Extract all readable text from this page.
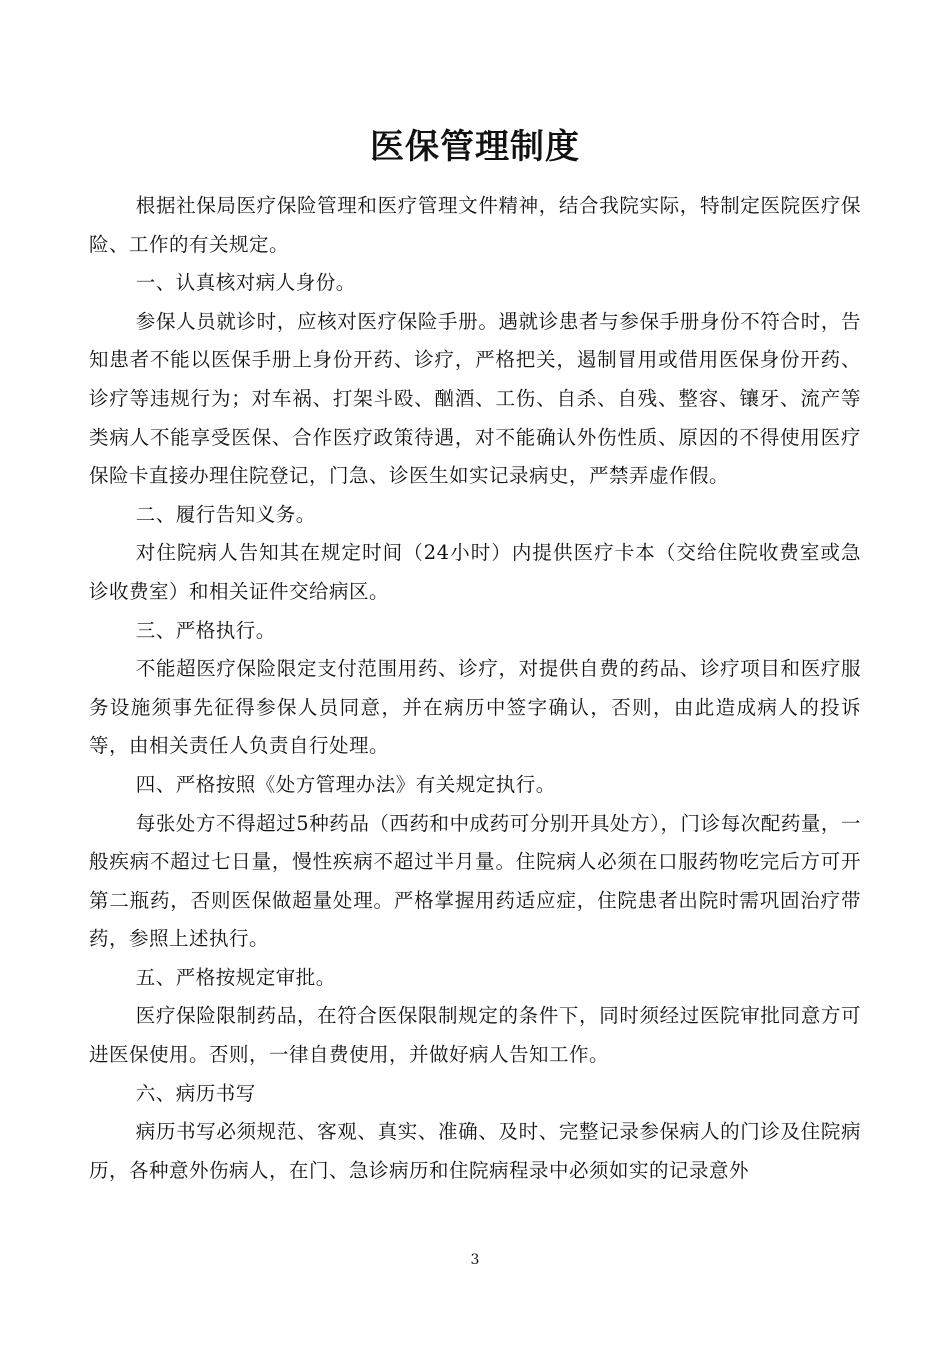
医保管理制度

根据社保局医疗保险管理和医疗管理文件精神，结合我院实际，特制定医院医疗保险、工作的有关规定。

一、认真核对病人身份。

参保人员就诊时，应核对医疗保险手册。遇就诊患者与参保手册身份不符合时，告知患者不能以医保手册上身份开药、诊疗，严格把关，遏制冒用或借用医保身份开药、诊疗等违规行为；对车祸、打架斗殴、酗酒、工伤、自杀、自残、整容、镶牙、流产等类病人不能享受医保、合作医疗政策待遇，对不能确认外伤性质、原因的不得使用医疗保险卡直接办理住院登记，门急、诊医生如实记录病史，严禁弄虚作假。

二、履行告知义务。

对住院病人告知其在规定时间（24小时）内提供医疗卡本（交给住院收费室或急诊收费室）和相关证件交给病区。

三、严格执行。

不能超医疗保险限定支付范围用药、诊疗，对提供自费的药品、诊疗项目和医疗服务设施须事先征得参保人员同意，并在病历中签字确认，否则，由此造成病人的投诉等，由相关责任人负责自行处理。

四、严格按照《处方管理办法》有关规定执行。

每张处方不得超过5种药品（西药和中成药可分别开具处方），门诊每次配药量，一般疾病不超过七日量，慢性疾病不超过半月量。住院病人必须在口服药物吃完后方可开第二瓶药，否则医保做超量处理。严格掌握用药适应症，住院患者出院时需巩固治疗带药，参照上述执行。

五、严格按规定审批。

医疗保险限制药品，在符合医保限制规定的条件下，同时须经过医院审批同意方可进医保使用。否则，一律自费使用，并做好病人告知工作。

六、病历书写

病历书写必须规范、客观、真实、准确、及时、完整记录参保病人的门诊及住院病历，各种意外伤病人，在门、急诊病历和住院病程录中必须如实的记录意外

3
